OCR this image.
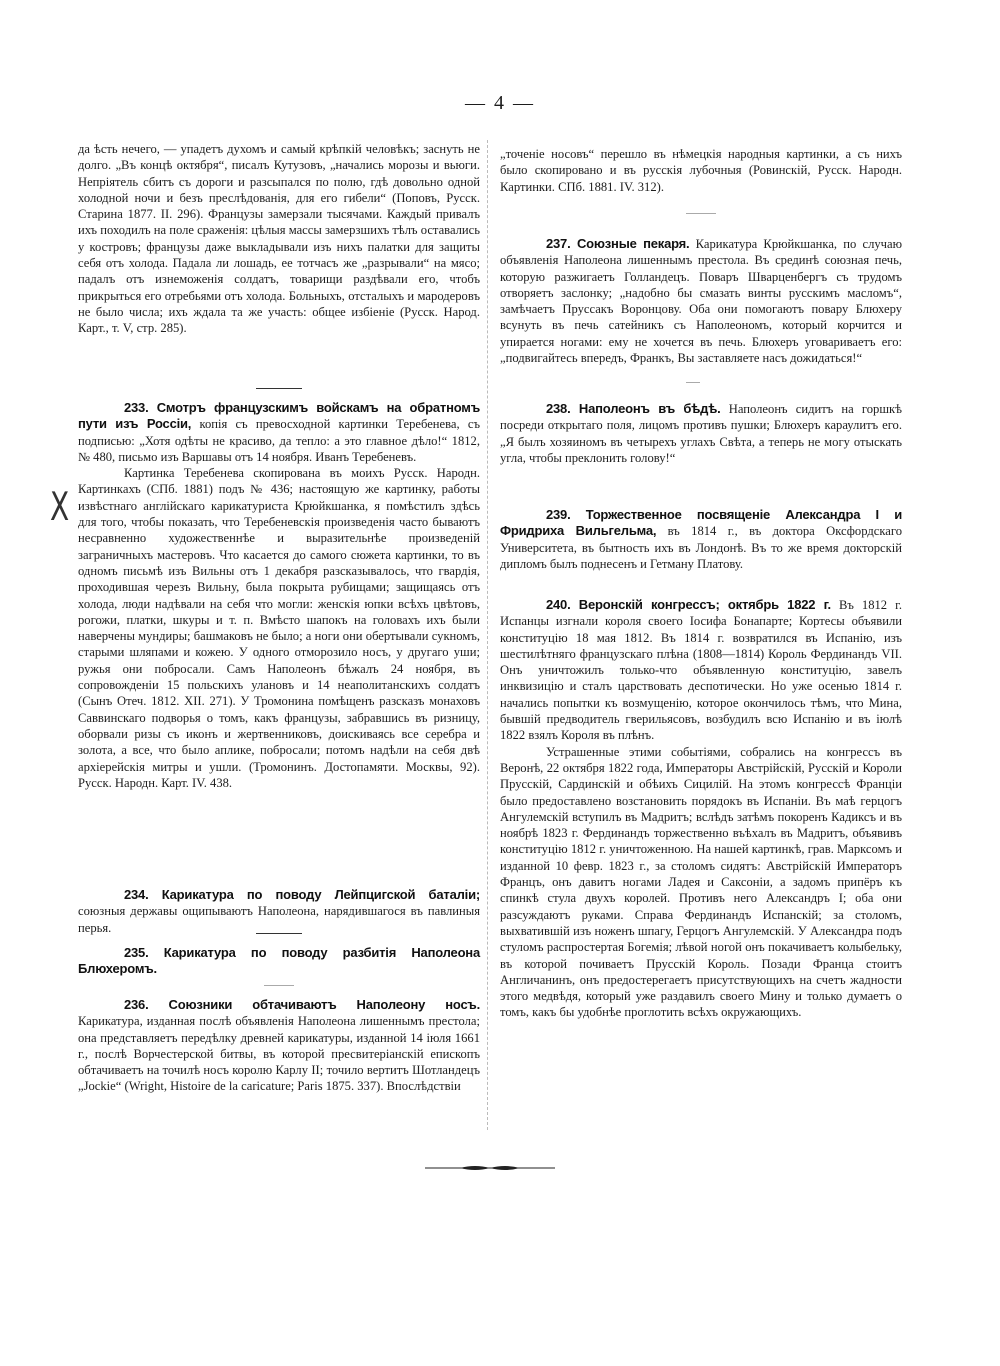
— 4 —
X

да ѣсть нечего, — упадетъ духомъ и самый крѣпкій человѣкъ; заснуть не долго. „Въ концѣ октября“, писалъ Кутузовъ, „начались морозы и вьюги. Непріятель сбитъ съ дороги и разсыпался по полю, гдѣ довольно одной холодной ночи и безъ преслѣдованія, для его гибели“ (Поповъ, Русск. Старина 1877. II. 296). Французы замерзали тысячами. Каждый привалъ ихъ походилъ на поле сраженія: цѣлыя массы замерзшихъ тѣлъ оставались у костровъ; французы даже выкладывали изъ нихъ палатки для защиты себя отъ холода. Падала ли лошадь, ее тотчасъ же „разрывали“ на мясо; падалъ отъ изнеможенія солдатъ, товарищи раздѣвали его, чтобъ прикрыться его отребьями отъ холода. Больныхъ, отсталыхъ и мародеровъ не было числа; ихъ ждала та же участь: общее избіеніе (Русск. Народ. Карт., т. V, стр. 285).

233. Смотръ французскимъ войскамъ на обратномъ пути изъ Россіи, копія съ превосходной картинки Теребенева, съ подписью: „Хотя одѣты не красиво, да тепло: а это главное дѣло!“ 1812, № 480, письмо изъ Варшавы отъ 14 ноября. Иванъ Теребеневъ.

Картинка Теребенева скопирована въ моихъ Русск. Народн. Картинкахъ (СПб. 1881) подъ № 436; настоящую же картинку, работы извѣстнаго англійскаго карикатуриста Крюйкшанка, я помѣстилъ здѣсь для того, чтобы показать, что Теребеневскія произведенія часто бываютъ несравненно художественнѣе и выразительнѣе произведеній заграничныхъ мастеровъ. Что касается до самого сюжета картинки, то въ одномъ письмѣ изъ Вильны отъ 1 декабря разсказывалось, что гвардія, проходившая черезъ Вильну, была покрыта рубищами; защищаясь отъ холода, люди надѣвали на себя что могли: женскія юпки всѣхъ цвѣтовъ, рогожи, платки, шкуры и т. п. Вмѣсто шапокъ на головахъ ихъ были наверчены мундиры; башмаковъ не было; а ноги они обертывали сукномъ, старыми шляпами и кожею. У одного отморозило носъ, у другаго уши; ружья они побросали. Самъ Наполеонъ бѣжалъ 24 ноября, въ сопровожденіи 15 польскихъ улановъ и 14 неаполитанскихъ солдатъ (Сынъ Отеч. 1812. XII. 271). У Тромонина помѣщенъ разсказъ монаховъ Саввинскаго подворья о томъ, какъ французы, забравшись въ ризницу, оборвали ризы съ иконъ и жертвенниковъ, доискиваясь все серебра и золота, а все, что было аплике, побросали; потомъ надѣли на себя двѣ архіерейскія митры и ушли. (Тромонинъ. Достопамяти. Москвы, 92). Русск. Народн. Карт. IV. 438.

234. Карикатура по поводу Лейпцигской баталіи; союзныя державы ощипываютъ Наполеона, нарядившагося въ павлиныя перья.

235. Карикатура по поводу разбитія Наполеона Блюхеромъ.

236. Союзники обтачиваютъ Наполеону носъ. Карикатура, изданная послѣ объявленія Наполеона лишеннымъ престола; она представляетъ передѣлку древней карикатуры, изданной 14 іюля 1661 г., послѣ Ворчестерской битвы, въ которой пресвитеріанскій епископъ обтачиваетъ на точилѣ носъ королю Карлу II; точило вертитъ Шотландецъ „Jockie“ (Wright, Histoire de la caricature; Paris 1875. 337). Впослѣдствіи

„точеніе носовъ“ перешло въ нѣмецкія народныя картинки, а съ нихъ было скопировано и въ русскія лубочныя (Ровинскій, Русск. Народн. Картинки. СПб. 1881. IV. 312).

237. Союзные пекаря. Карикатура Крюйкшанка, по случаю объявленія Наполеона лишеннымъ престола. Въ срединѣ союзная печь, которую разжигаетъ Голландецъ. Поваръ Шварценбергъ съ трудомъ отворяетъ заслонку; „надобно бы смазать винты русскимъ масломъ“, замѣчаетъ Пруссакъ Воронцову. Оба они помогаютъ повару Блюхеру всунуть въ печь сатейникъ съ Наполеономъ, который корчится и упирается ногами: ему не хочется въ печь. Блюхеръ уговариваетъ его: „подвигайтесь впередъ, Франкъ, Вы заставляете насъ дожидаться!“

238. Наполеонъ въ бѣдѣ. Наполеонъ сидитъ на горшкѣ посреди открытаго поля, лицомъ противъ пушки; Блюхеръ караулитъ его. „Я былъ хозяиномъ въ четырехъ углахъ Свѣта, а теперь не могу отыскать угла, чтобы преклонить голову!“

239. Торжественное посвященіе Александра I и Фридриха Вильгельма, въ 1814 г., въ доктора Оксфордскаго Университета, въ бытность ихъ въ Лондонѣ. Въ то же время докторскій дипломъ былъ поднесенъ и Гетману Платову.

240. Веронскій конгрессъ; октябрь 1822 г. Въ 1812 г. Испанцы изгнали короля своего Іосифа Бонапарте; Кортесы объявили конституцію 18 мая 1812. Въ 1814 г. возвратился въ Испанію, изъ шестилѣтняго французскаго плѣна (1808—1814) Король Фердинандъ VII. Онъ уничтожилъ только-что объявленную конституцію, завелъ инквизицію и сталъ царствовать деспотически. Но уже осенью 1814 г. начались попытки къ возмущенію, которое окончилось тѣмъ, что Мина, бывшій предводитель гверильясовъ, возбудилъ всю Испанію и въ іюлѣ 1822 взялъ Короля въ плѣнъ.

Устрашенные этими событіями, собрались на конгрессъ въ Веронѣ, 22 октября 1822 года, Императоры Австрійскій, Русскій и Короли Прусскій, Сардинскій и обѣихъ Сицилій. На этомъ конгрессѣ Франціи было предоставлено возстановить порядокъ въ Испаніи. Въ маѣ герцогъ Ангулемскій вступилъ въ Мадритъ; вслѣдъ затѣмъ покоренъ Кадиксъ и въ ноябрѣ 1823 г. Фердинандъ торжественно въѣхалъ въ Мадритъ, объявивъ конституцію 1812 г. уничтоженною. На нашей картинкѣ, грав. Марксомъ и изданной 10 февр. 1823 г., за столомъ сидятъ: Австрійскій Императоръ Францъ, онъ давитъ ногами Ладея и Саксоніи, а задомъ припёръ къ спинкѣ стула двухъ королей. Противъ него Александръ I; оба они разсуждаютъ руками. Справа Фердинандъ Испанскій; за столомъ, выхватившій изъ ноженъ шпагу, Герцогъ Ангулемскій. У Александра подъ стуломъ распростертая Богемія; лѣвой ногой онъ покачиваетъ колыбельку, въ которой почиваетъ Прусскій Король. Позади Франца стоитъ Англичанинъ, онъ предостерегаетъ присутствующихъ на счетъ жадности этого медвѣдя, который уже раздавилъ своего Мину и только думаетъ о томъ, какъ бы удобнѣе проглотить всѣхъ окружающихъ.
